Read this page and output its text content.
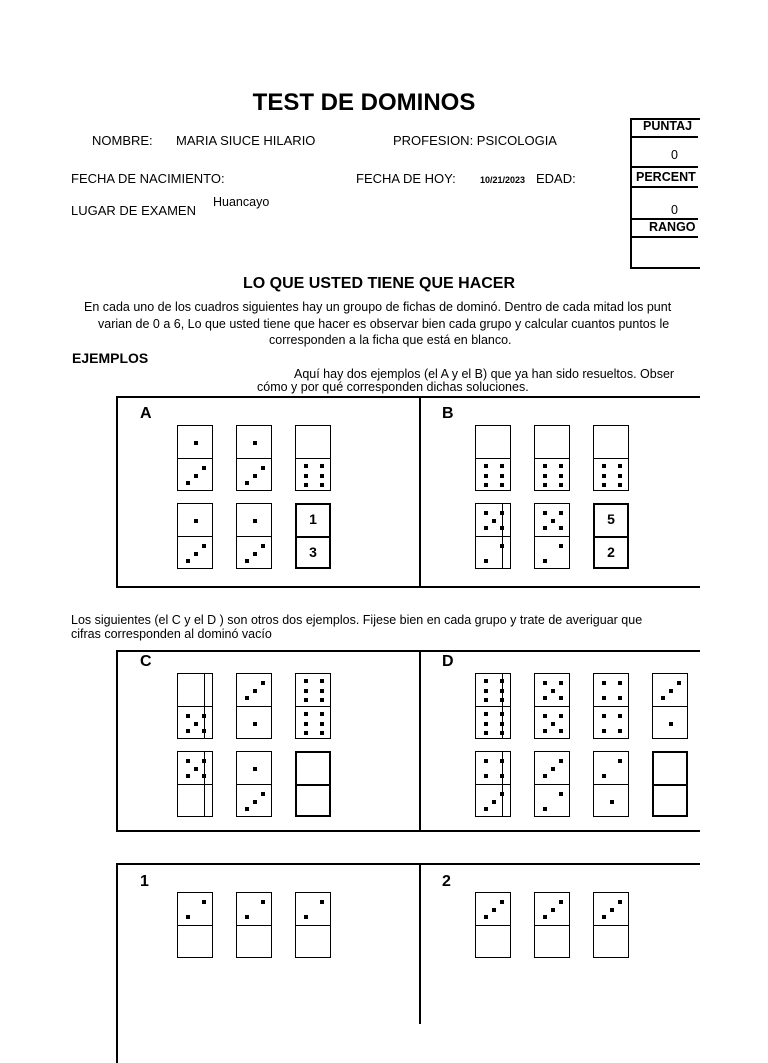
TEST DE DOMINOS
NOMBRE: MARIA SIUCE HILARIO	PROFESION: PSICOLOGIA
FECHA DE NACIMIENTO:	FECHA DE HOY:	10/21/2023 EDAD:
LUGAR DE EXAMEN
Huancayo
PUNTAJ
0
PERCENT
0
RANGO
LO QUE USTED TIENE QUE HACER
En cada uno de los cuadros siguientes hay un groupo de fichas de dominó. Dentro de cada mitad los punt
varian de 0 a 6, Lo que usted tiene que hacer es observar bien cada grupo y calcular cuantos puntos le
corresponden a la ficha que está en blanco.
EJEMPLOS
Aquí hay dos ejemplos (el A y el B) que ya han sido resueltos. Obser
cómo y por qué corresponden dichas soluciones.
A	B
Los siguientes (el C y el D ) son otros dos ejemplos. Fijese bien en cada grupo y trate de averiguar que
cifras corresponden al dominó vacío
C	D
1	2
1
3
5
2
